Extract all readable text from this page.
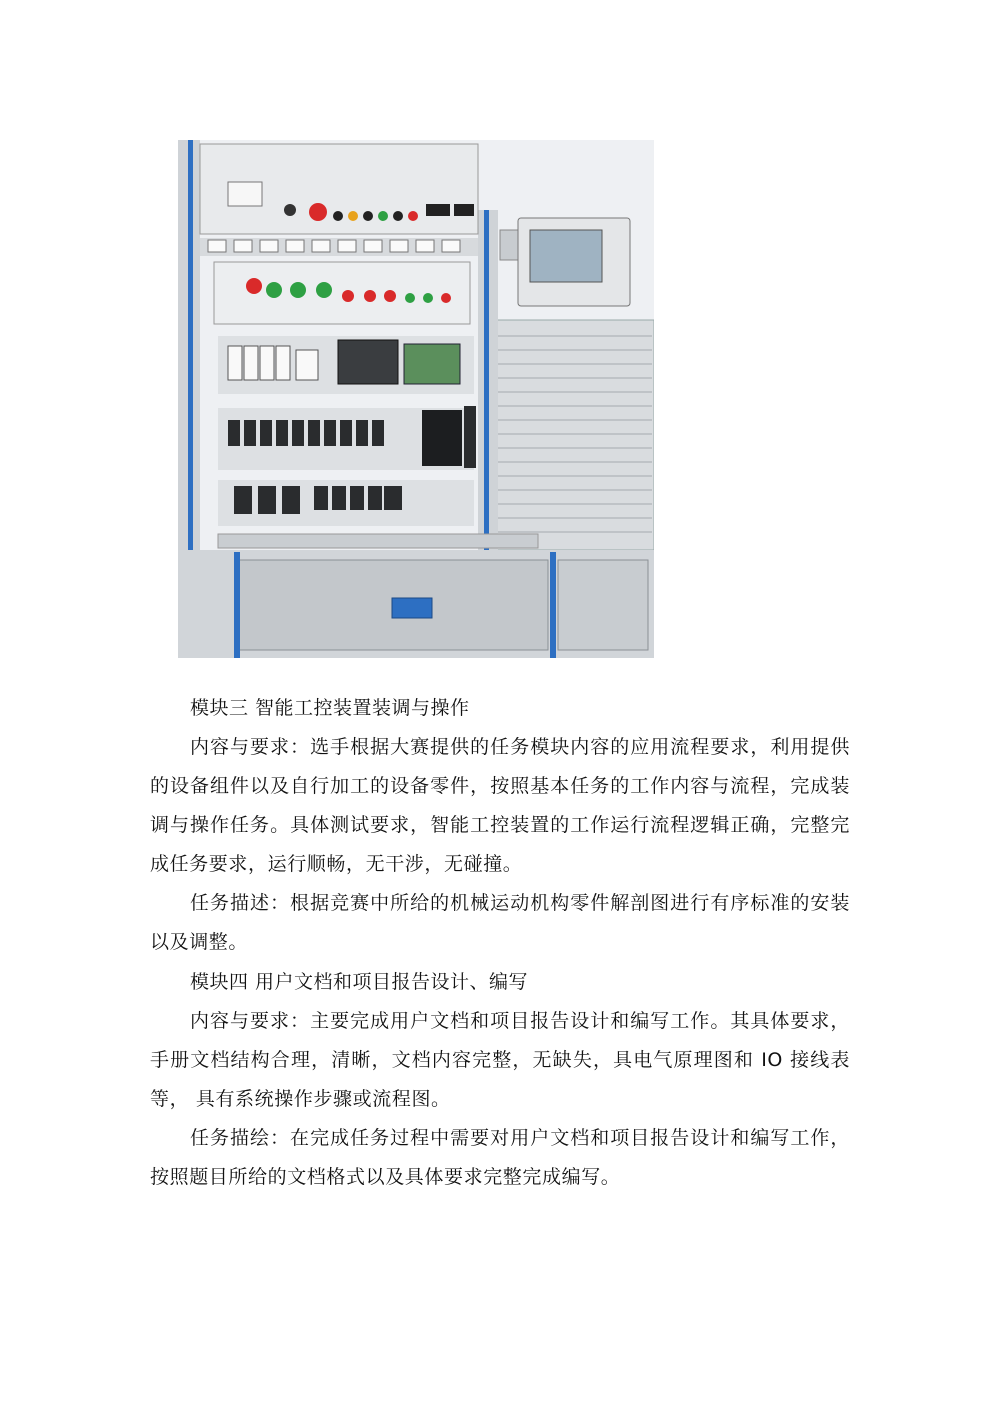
模块三 智能工控装置装调与操作

内容与要求：选手根据大赛提供的任务模块内容的应用流程要求，利用提供的设备组件以及自行加工的设备零件，按照基本任务的工作内容与流程，完成装调与操作任务。具体测试要求，智能工控装置的工作运行流程逻辑正确，完整完成任务要求，运行顺畅，无干涉，无碰撞。

任务描述：根据竞赛中所给的机械运动机构零件解剖图进行有序标准的安装以及调整。

模块四 用户文档和项目报告设计、编写

内容与要求：主要完成用户文档和项目报告设计和编写工作。其具体要求，手册文档结构合理，清晰，文档内容完整，无缺失，具电气原理图和 IO 接线表等， 具有系统操作步骤或流程图。

任务描绘：在完成任务过程中需要对用户文档和项目报告设计和编写工作，按照题目所给的文档格式以及具体要求完整完成编写。
